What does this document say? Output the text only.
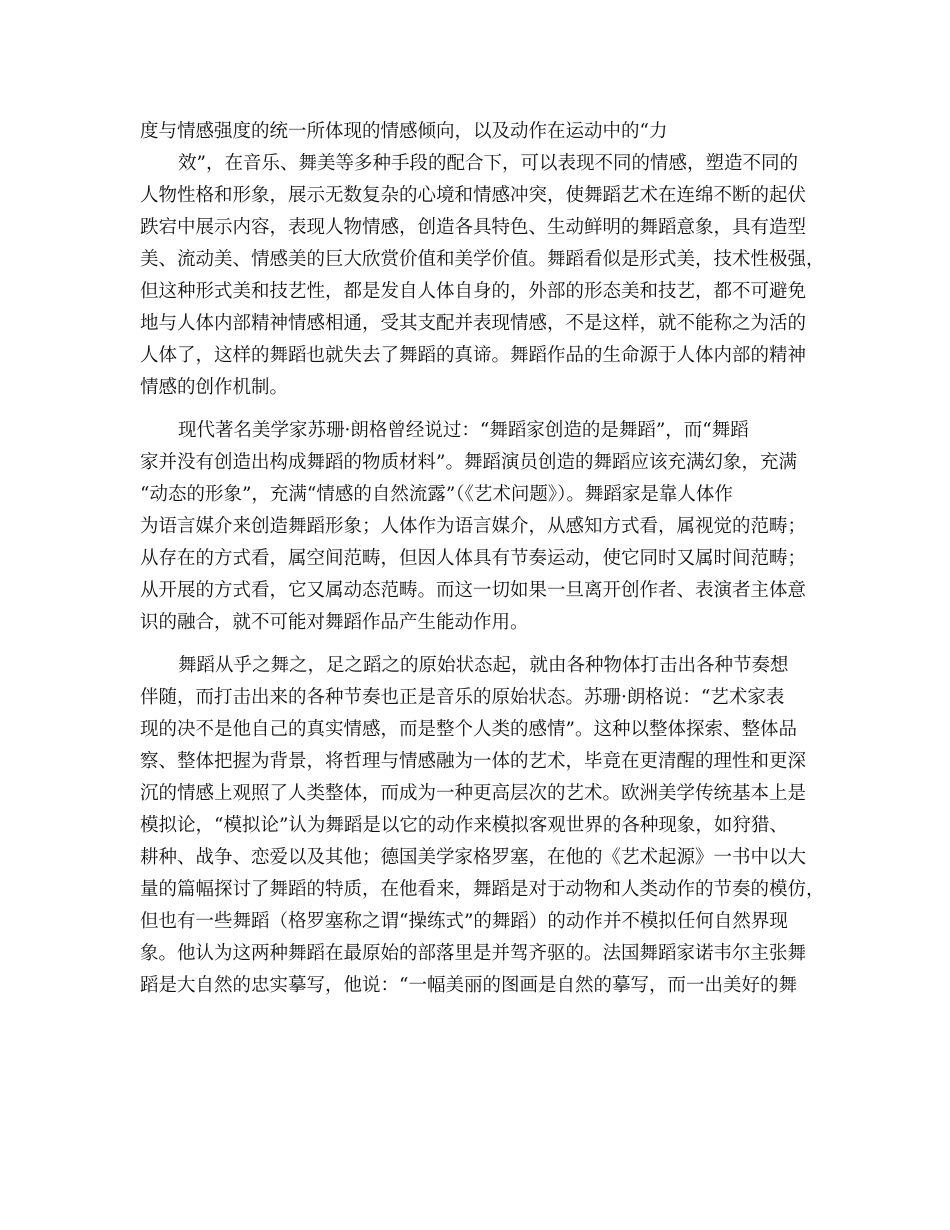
度与情感强度的统一所体现的情感倾向，以及动作在运动中的“力
效”，在音乐、舞美等多种手段的配合下，可以表现不同的情感，塑造不同的
人物性格和形象，展示无数复杂的心境和情感冲突，使舞蹈艺术在连绵不断的起伏
跌宕中展示内容，表现人物情感，创造各具特色、生动鲜明的舞蹈意象，具有造型
美、流动美、情感美的巨大欣赏价值和美学价值。舞蹈看似是形式美，技术性极强，
但这种形式美和技艺性，都是发自人体自身的，外部的形态美和技艺，都不可避免
地与人体内部精神情感相通，受其支配并表现情感，不是这样，就不能称之为活的
人体了，这样的舞蹈也就失去了舞蹈的真谛。舞蹈作品的生命源于人体内部的精神
情感的创作机制。
现代著名美学家苏珊·朗格曾经说过：“舞蹈家创造的是舞蹈”，而“舞蹈
家并没有创造出构成舞蹈的物质材料”。舞蹈演员创造的舞蹈应该充满幻象，充满
“动态的形象”，充满“情感的自然流露”（《艺术问题》）。舞蹈家是靠人体作
为语言媒介来创造舞蹈形象；人体作为语言媒介，从感知方式看，属视觉的范畴；
从存在的方式看，属空间范畴，但因人体具有节奏运动，使它同时又属时间范畴；
从开展的方式看，它又属动态范畴。而这一切如果一旦离开创作者、表演者主体意
识的融合，就不可能对舞蹈作品产生能动作用。
舞蹈从乎之舞之，足之蹈之的原始状态起，就由各种物体打击出各种节奏想
伴随，而打击出来的各种节奏也正是音乐的原始状态。苏珊·朗格说：“艺术家表
现的决不是他自己的真实情感，而是整个人类的感情”。这种以整体探索、整体品
察、整体把握为背景，将哲理与情感融为一体的艺术，毕竟在更清醒的理性和更深
沉的情感上观照了人类整体，而成为一种更高层次的艺术。欧洲美学传统基本上是
模拟论，“模拟论”认为舞蹈是以它的动作来模拟客观世界的各种现象，如狩猎、
耕种、战争、恋爱以及其他；德国美学家格罗塞，在他的《艺术起源》一书中以大
量的篇幅探讨了舞蹈的特质，在他看来，舞蹈是对于动物和人类动作的节奏的模仿，
但也有一些舞蹈（格罗塞称之谓“操练式”的舞蹈）的动作并不模拟任何自然界现
象。他认为这两种舞蹈在最原始的部落里是并驾齐驱的。法国舞蹈家诺韦尔主张舞
蹈是大自然的忠实摹写，他说：“一幅美丽的图画是自然的摹写，而一出美好的舞
